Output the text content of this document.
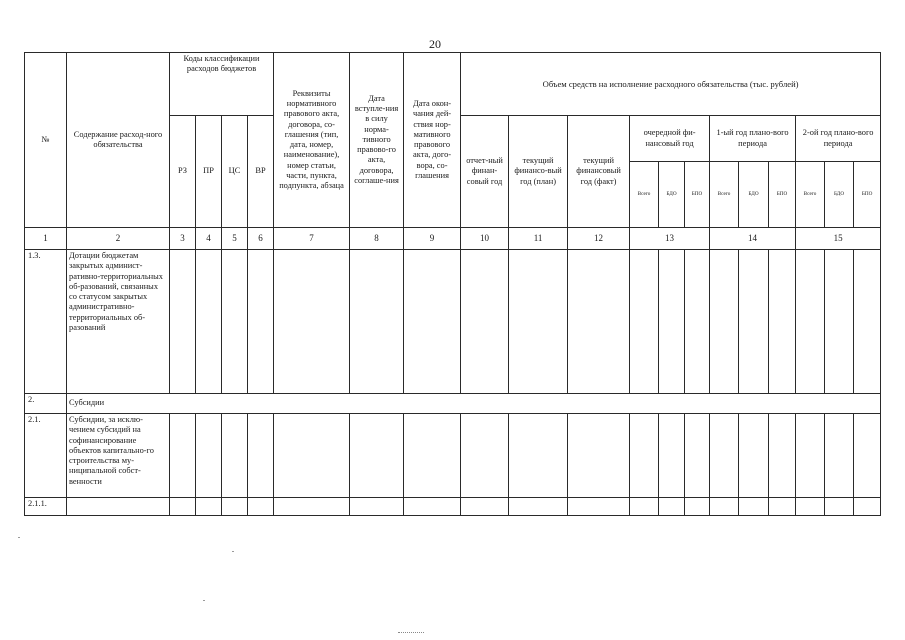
20
№	Содержание расход-ного обязательства	Коды классификации расходов бюджетов				Реквизиты нормативного правового акта, договора, со-глашения (тип, дата, номер, наименование), номер статьи, части, пункта, подпункта, абзаца	Дата вступле-ния в силу норма-тивного правово-го акта, договора, соглаше-ния	Дата окон-чания дей-ствия нор-мативного правового акта, дого-вора, со-глашения	Объем средств на исполнение расходного обязательства (тыс. рублей)											
		РЗ	ПР	ЦС	ВР				отчет-ный финан-совый год	текущий финансо-вый год (план)	текущий финансовый год (факт)	очередной фи-нансовый год			1-ый год плано-вого периода			2-ой год плано-вого периода		
												Всего	БДО	БПО	Всего	БДО	БПО	Всего	БДО	БПО
1	2	3	4	5	6	7	8	9	10	11	12	13			14			15		
1.3.	Дотации бюджетам закрытых админист-ративно-территориальных об-разований, связанных со статусом закрытых административно-территориальных об-разований																			
2.	Субсидии																			
2.1.	Субсидии, за исклю-чением субсидий на софинансирование объектов капитально-го строительства му-ниципальной собст-венности																			
2.1.1.																				
